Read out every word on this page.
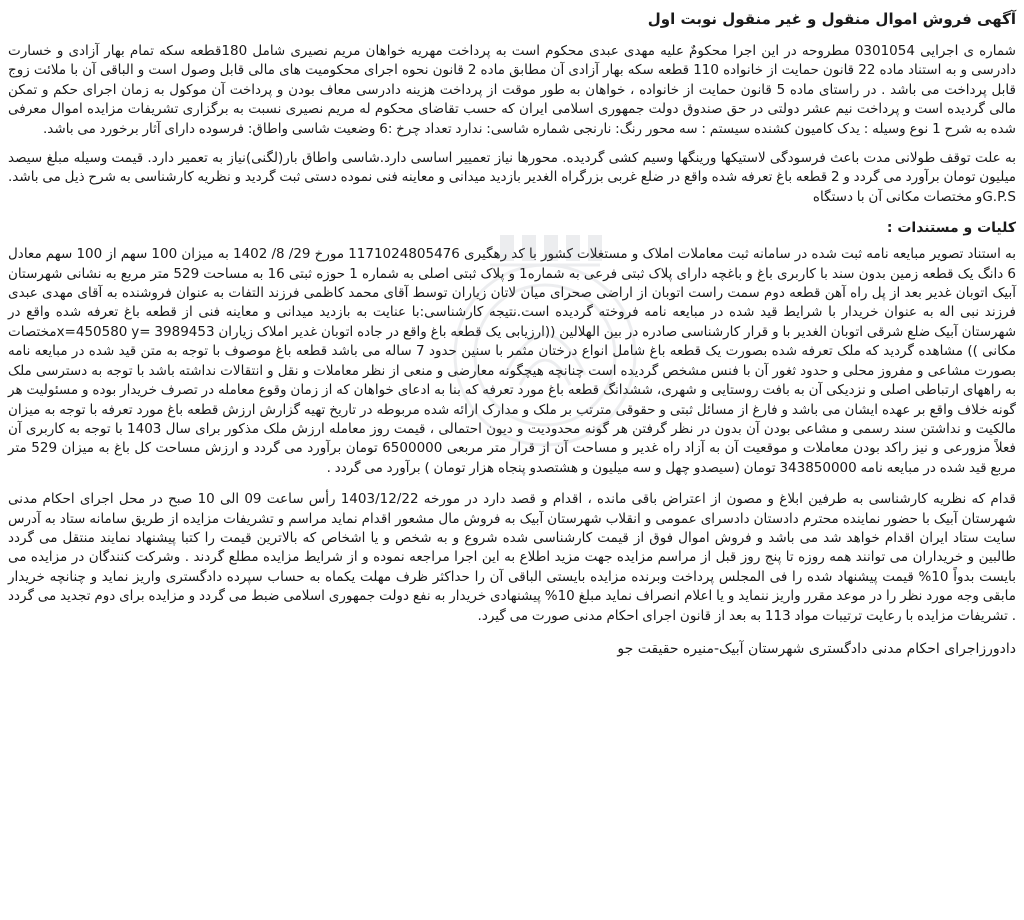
آگهی فروش اموال منقول و غیر منقول نوبت اول

شماره ی اجرایی 0301054 مطروحه در این اجرا محکومٌ علیه مهدی عبدی محکوم است به پرداخت مهریه خواهان مریم نصیری شامل 180قطعه سکه تمام بهار آزادی و خسارت دادرسی و به استناد ماده 22 قانون حمایت از خانواده 110 قطعه سکه بهار آزادی آن مطابق ماده 2 قانون نحوه اجرای محکومیت های مالی قابل وصول است و الباقی آن با ملائت زوج قابل پرداخت می باشد . در راستای ماده 5 قانون حمایت از خانواده ، خواهان به طور موقت از پرداخت هزینه دادرسی معاف بودن و پرداخت آن موکول به زمان اجرای حکم و تمکن مالی گردیده است و پرداخت نیم عشر دولتی در حق صندوق دولت جمهوری اسلامی ایران که حسب تقاضای محکوم له مریم نصیری نسبت به برگزاری تشریفات مزایده اموال معرفی شده به شرح 1 نوع وسیله : یدک کامیون کشنده سیستم : سه محور رنگ: نارنجی شماره شاسی: ندارد تعداد چرخ :6 وضعیت شاسی واطاق: فرسوده دارای آثار برخورد می باشد.

به علت توقف طولانی مدت باعث فرسودگی لاستیکها ورینگها وسیم کشی گردیده. محورها نیاز تعمییر اساسی دارد.شاسی واطاق بار(لگنی)نیاز به تعمیر دارد. قیمت وسیله مبلغ سیصد میلیون تومان برآورد می گردد و 2 قطعه باغ تعرفه شده واقع در ضلع غربی بزرگراه الغدیر بازدید میدانی و معاینه فنی نموده دستی ثبت گردید و نظریه کارشناسی به شرح ذیل می باشد. G.P.Sو مختصات مکانی آن با دستگاه

کلیات و مستندات :

به استناد تصویر مبایعه نامه ثبت شده در سامانه ثبت معاملات املاک و مستغلات کشور با کد رهگیری 1171024805476 مورخ 29/ 8/ 1402 به میزان 100 سهم از 100 سهم معادل 6 دانگ یک قطعه زمین بدون سند با کاربری باغ و باغچه دارای پلاک ثبتی فرعی به شماره1 و پلاک ثبتی اصلی به شماره 1 حوزه ثبتی 16 به مساحت 529 متر مربع به نشانی شهرستان آبیک اتوبان غدیر بعد از پل راه آهن قطعه دوم سمت راست اتوبان از اراضی صحرای میان لاتان زیاران توسط آقای محمد کاظمی فرزند التفات به عنوان فروشنده به آقای مهدی عبدی فرزند نبی اله به عنوان خریدار با شرایط قید شده در مبایعه نامه فروخته گردیده است.نتیجه کارشناسی:با عنایت به بازدید میدانی و معاینه فنی از قطعه باغ تعرفه شده واقع در شهرستان آبیک ضلع شرقی اتوبان الغدیر با و قرار کارشناسی صادره در بین الهلالین ((ارزیابی یک قطعه باغ واقع در جاده اتوبان غدیر املاک زیاران 3989453 =x=450580 yمختصات مکانی )) مشاهده گردید که ملک تعرفه شده بصورت یک قطعه باغ شامل انواع درختان مثمر با سنین حدود 7 ساله می باشد قطعه باغ موصوف با توجه به متن قید شده در مبایعه نامه بصورت مشاعی و مفروز محلی و حدود ثغور آن با فنس مشخص گردیده است چنانچه هیچگونه معارضی و منعی از نظر معاملات و نقل و انتقالات نداشته باشد با توجه به دسترسی ملک به راههای ارتباطی اصلی و نزدیکی آن به بافت روستایی و شهری، ششدانگ قطعه باغ مورد تعرفه که بنا به ادعای خواهان که از زمان وقوع معامله در تصرف خریدار بوده و مسئولیت هر گونه خلاف واقع بر عهده ایشان می باشد و فارغ از مسائل ثبتی و حقوقی مترتب بر ملک و مدارک ارائه شده مربوطه در تاریخ تهیه گزارش ارزش قطعه باغ مورد تعرفه با توجه به میزان مالکیت و نداشتن سند رسمی و مشاعی بودن آن بدون در نظر گرفتن هر گونه محدودیت و دیون احتمالی ، قیمت روز معامله ارزش ملک مذکور برای سال 1403 با توجه به کاربری آن فعلاً مزورعی و نیز راکد بودن معاملات و موقعیت آن به آزاد راه غدیر و مساحت آن از قرار متر مربعی 6500000 تومان برآورد می گردد و ارزش مساحت کل باغ به میزان 529 متر مربع قید شده در مبایعه نامه 343850000 تومان (سیصدو چهل و سه میلیون و هشتصدو پنجاه هزار تومان ) برآورد می گردد .

قدام که نظریه کارشناسی به طرفین ابلاغ و مصون از اعتراض باقی مانده ، اقدام و قصد دارد در مورخه 1403/12/22 رأس ساعت 09 الی 10 صبح در محل اجرای احکام مدنی شهرستان آبیک با حضور نماینده محترم دادستان دادسرای عمومی و انقلاب شهرستان آبیک به فروش مال مشعور اقدام نماید مراسم و تشریفات مزایده از طریق سامانه ستاد به آدرس سایت ستاد ایران اقدام خواهد شد می باشد و فروش اموال فوق از قیمت کارشناسی شده شروع و به شخص و یا اشخاص که بالاترین قیمت را کتبا پیشنهاد نمایند منتقل می گردد طالبین و خریداران می توانند همه روزه تا پنج روز قبل از مراسم مزایده جهت مزید اطلاع به این اجرا مراجعه نموده و از شرایط مزایده مطلع گردند . وشرکت کنندگان در مزایده می بایست بدواً 10% قیمت پیشنهاد شده را فی المجلس پرداخت وبرنده مزایده بایستی الباقی آن را حداکثر ظرف مهلت یکماه به حساب سپرده دادگستری واریز نماید و چنانچه خریدار مابقی وجه مورد نظر را در موعد مقرر واریز ننماید و یا اعلام انصراف نماید مبلغ 10% پیشنهادی خریدار به نفع دولت جمهوری اسلامی ضبط می گردد و مزایده برای دوم تجدید می گردد . تشریفات مزایده با رعایت ترتیبات مواد 113 به بعد از قانون اجرای احکام مدنی صورت می گیرد.

دادورزاجرای احکام مدنی دادگستری شهرستان آبیک-منیره حقیقت جو
